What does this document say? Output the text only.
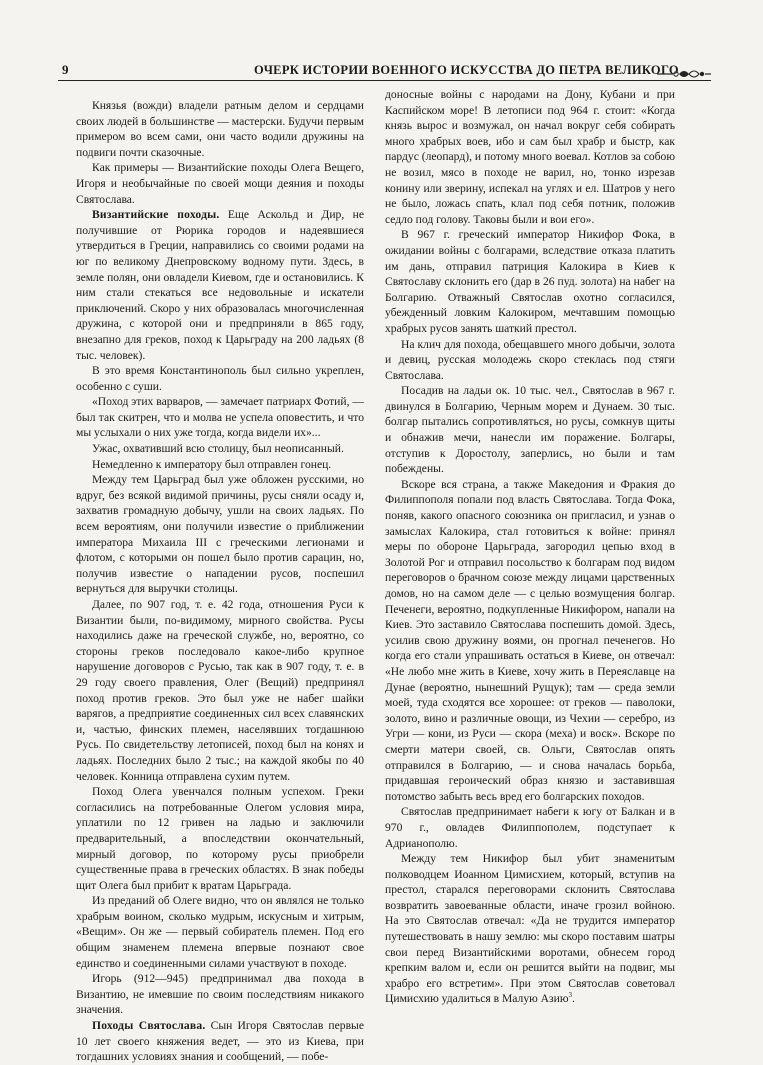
9	ОЧЕРК ИСТОРИИ ВОЕННОГО ИСКУССТВА ДО ПЕТРА ВЕЛИКОГО

Князья (вожди) владели ратным делом и сердцами своих людей в большинстве — мастерски. Будучи первым примером во всем сами, они часто водили дружины на подвиги почти сказочные.

Как примеры — Византийские походы Олега Вещего, Игоря и необычайные по своей мощи деяния и походы Святослава.

Византийские походы. Еще Аскольд и Дир, не получившие от Рюрика городов и надеявшиеся утвердиться в Греции, направились со своими родами на юг по великому Днепровскому водному пути. Здесь, в земле полян, они овладели Киевом, где и остановились. К ним стали стекаться все недовольные и искатели приключений. Скоро у них образовалась многочисленная дружина, с которой они и предприняли в 865 году, внезапно для греков, поход к Царьграду на 200 ладьях (8 тыс. человек).

В это время Константинополь был сильно укреплен, особенно с суши.

«Поход этих варваров, — замечает патриарх Фотий, — был так скитрен, что и молва не успела оповестить, и что мы услыхали о них уже тогда, когда видели их»...

Ужас, охвативший всю столицу, был неописанный.

Немедленно к императору был отправлен гонец.

Между тем Царьград был уже обложен русскими, но вдруг, без всякой видимой причины, русы сняли осаду и, захватив громадную добычу, ушли на своих ладьях. По всем вероятиям, они получили известие о приближении императора Михаила III с греческими легионами и флотом, с которыми он пошел было против сарацин, но, получив известие о нападении русов, поспешил вернуться для выручки столицы.

Далее, по 907 год, т. е. 42 года, отношения Руси к Византии были, по-видимому, мирного свойства. Русы находились даже на греческой службе, но, вероятно, со стороны греков последовало какое-либо крупное нарушение договоров с Русью, так как в 907 году, т. е. в 29 году своего правления, Олег (Вещий) предпринял поход против греков. Это был уже не набег шайки варягов, а предприятие соединенных сил всех славянских и, частью, финских племен, населявших тогдашнюю Русь. По свидетельству летописей, поход был на конях и ладьях. Последних было 2 тыс.; на каждой якобы по 40 человек. Конница отправлена сухим путем.

Поход Олега увенчался полным успехом. Греки согласились на потребованные Олегом условия мира, уплатили по 12 гривен на ладью и заключили предварительный, а впоследствии окончательный, мирный договор, по которому русы приобрели существенные права в греческих областях. В знак победы щит Олега был прибит к вратам Царьграда.

Из преданий об Олеге видно, что он являлся не только храбрым воином, сколько мудрым, искусным и хитрым, «Вещим». Он же — первый собиратель племен. Под его общим знаменем племена впервые познают свое единство и соединенными силами участвуют в походе.

Игорь (912—945) предпринимал два похода в Византию, не имевшие по своим последствиям никакого значения.

Походы Святослава. Сын Игоря Святослав первые 10 лет своего княжения ведет, — это из Киева, при тогдашних условиях знания и сообщений, — побе-

доносные войны с народами на Дону, Кубани и при Каспийском море! В летописи под 964 г. стоит: «Когда князь вырос и возмужал, он начал вокруг себя собирать много храбрых воев, ибо и сам был храбр и быстр, как пардус (леопард), и потому много воевал. Котлов за собою не возил, мясо в походе не варил, но, тонко изрезав конину или зверину, испекал на углях и ел. Шатров у него не было, ложась спать, клал под себя потник, положив седло под голову. Таковы были и вои его».

В 967 г. греческий император Никифор Фока, в ожидании войны с болгарами, вследствие отказа платить им дань, отправил патриция Калокира в Киев к Святославу склонить его (дар в 26 пуд. золота) на набег на Болгарию. Отважный Святослав охотно согласился, убежденный ловким Калокиром, мечтавшим помощью храбрых русов занять шаткий престол.

На клич для похода, обещавшего много добычи, золота и девиц, русская молодежь скоро стеклась под стяги Святослава.

Посадив на ладьи ок. 10 тыс. чел., Святослав в 967 г. двинулся в Болгарию, Черным морем и Дунаем. 30 тыс. болгар пытались сопротивляться, но русы, сомкнув щиты и обнажив мечи, нанесли им поражение. Болгары, отступив к Доростолу, заперлись, но были и там побеждены.

Вскоре вся страна, а также Македония и Фракия до Филиппополя попали под власть Святослава. Тогда Фока, поняв, какого опасного союзника он пригласил, и узнав о замыслах Калокира, стал готовиться к войне: принял меры по обороне Царьграда, загородил цепью вход в Золотой Рог и отправил посольство к болгарам под видом переговоров о брачном союзе между лицами царственных домов, но на самом деле — с целью возмущения болгар. Печенеги, вероятно, подкупленные Никифором, напали на Киев. Это заставило Святослава поспешить домой. Здесь, усилив свою дружину воями, он прогнал печенегов. Но когда его стали упрашивать остаться в Киеве, он отвечал: «Не любо мне жить в Киеве, хочу жить в Переяславце на Дунае (вероятно, нынешний Рущук); там — среда земли моей, туда сходятся все хорошее: от греков — паволоки, золото, вино и различные овощи, из Чехии — серебро, из Угри — кони, из Руси — скора (меха) и воск». Вскоре по смерти матери своей, св. Ольги, Святослав опять отправился в Болгарию, — и снова началась борьба, придавшая героический образ князю и заставившая потомство забыть весь вред его болгарских походов.

Святослав предпринимает набеги к югу от Балкан и в 970 г., овладев Филиппополем, подступает к Адрианополю.

Между тем Никифор был убит знаменитым полководцем Иоанном Цимисхием, который, вступив на престол, старался переговорами склонить Святослава возвратить завоеванные области, иначе грозил войною. На это Святослав отвечал: «Да не трудится император путешествовать в нашу землю: мы скоро поставим шатры свои перед Византийскими воротами, обнесем город крепким валом и, если он решится выйти на подвиг, мы храбро его встретим». При этом Святослав советовал Цимисхию удалиться в Малую Азию$^3$.
